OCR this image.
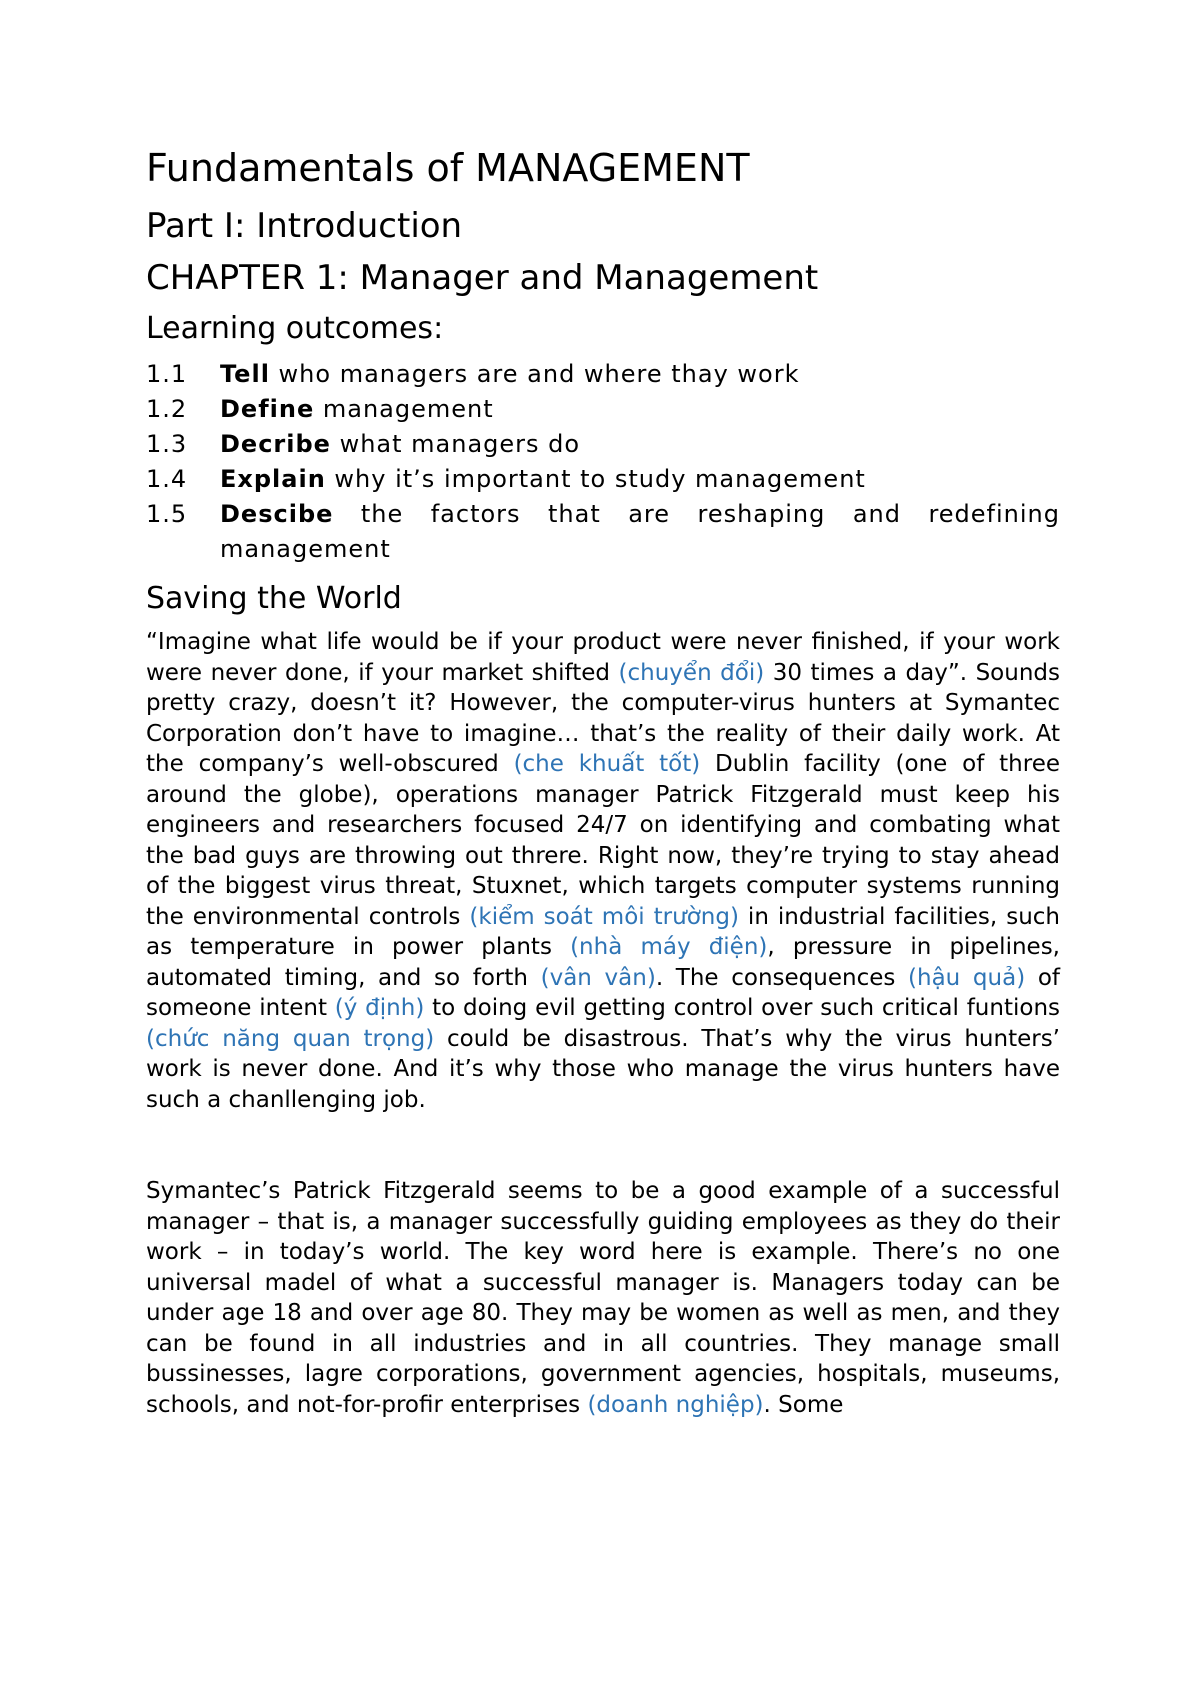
Fundamentals of MANAGEMENT
Part I: Introduction
CHAPTER 1: Manager and Management
Learning outcomes:
1.1	Tell who managers are and where thay work
1.2	Define management
1.3	Decribe what managers do
1.4	Explain why it’s important to study management
1.5	Descibe the factors that are reshaping and redefining management
Saving the World

“Imagine what life would be if your product were never finished, if your work were never done, if your market shifted (chuyển đổi) 30 times a day”. Sounds pretty crazy, doesn’t it? However, the computer-virus hunters at Symantec Corporation don’t have to imagine… that’s the reality of their daily work. At the company’s well-obscured (che khuất tốt) Dublin facility (one of three around the globe), operations manager Patrick Fitzgerald must keep his engineers and researchers focused 24/7 on identifying and combating what the bad guys are throwing out threre. Right now, they’re trying to stay ahead of the biggest virus threat, Stuxnet, which targets computer systems running the environmental controls (kiểm soát môi trường) in industrial facilities, such as temperature in power plants (nhà máy điện), pressure in pipelines, automated timing, and so forth (vân vân). The consequences (hậu quả) of someone intent (ý định) to doing evil getting control over such critical funtions (chức năng quan trọng) could be disastrous. That’s why the virus hunters’ work is never done. And it’s why those who manage the virus hunters have such a chanllenging job.

Symantec’s Patrick Fitzgerald seems to be a good example of a successful manager – that is, a manager successfully guiding employees as they do their work – in today’s world. The key word here is example. There’s no one universal madel of what a successful manager is. Managers today can be under age 18 and over age 80. They may be women as well as men, and they can be found in all industries and in all countries. They manage small bussinesses, lagre corporations, government agencies, hospitals, museums, schools, and not-for-profir enterprises (doanh nghiệp). Some
